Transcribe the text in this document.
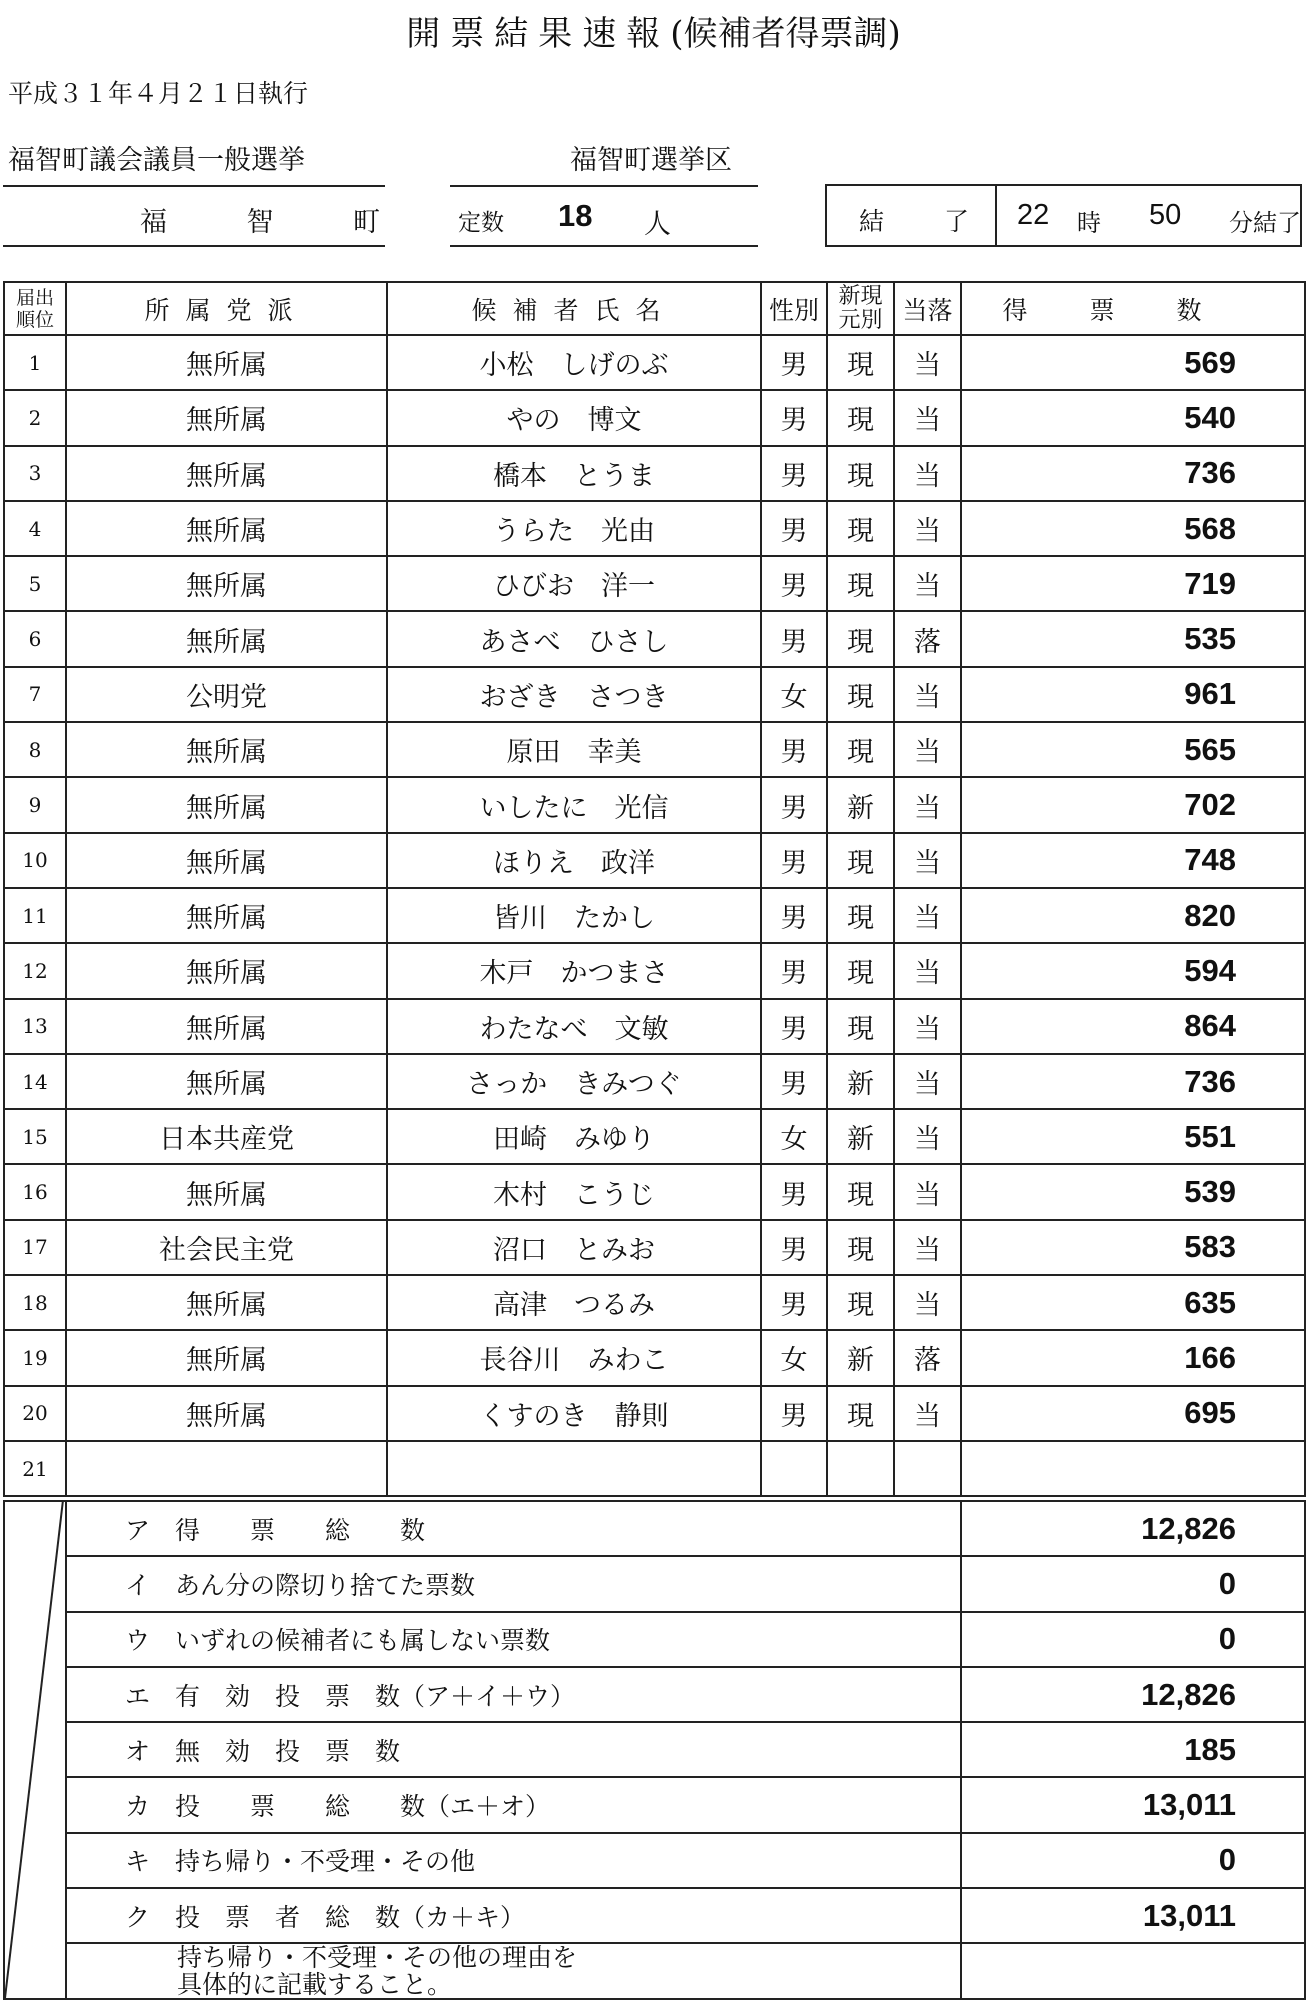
開票結果速報(候補者得票調)
平成３１年４月２１日執行
福智町議会議員一般選挙	福智町選挙区
福	智	町	定数 18 人	結 了 22 時 50 分結了
届出順位	所属党派	候補者氏名	性別	新現元別	当落	得票数
1	無所属	小松　しげのぶ	男	現	当	569
2	無所属	やの　博文	男	現	当	540
3	無所属	橋本　とうま	男	現	当	736
4	無所属	うらた　光由	男	現	当	568
5	無所属	ひびお　洋一	男	現	当	719
6	無所属	あさべ　ひさし	男	現	落	535
7	公明党	おざき　さつき	女	現	当	961
8	無所属	原田　幸美	男	現	当	565
9	無所属	いしたに　光信	男	新	当	702
10	無所属	ほりえ　政洋	男	現	当	748
11	無所属	皆川　たかし	男	現	当	820
12	無所属	木戸　かつまさ	男	現	当	594
13	無所属	わたなべ　文敏	男	現	当	864
14	無所属	さっか　きみつぐ	男	新	当	736
15	日本共産党	田崎　みゆり	女	新	当	551
16	無所属	木村　こうじ	男	現	当	539
17	社会民主党	沼口　とみお	男	現	当	583
18	無所属	高津　つるみ	男	現	当	635
19	無所属	長谷川　みわこ	女	新	落	166
20	無所属	くすのき　静則	男	現	当	695
21						
	ア　得　　票　　総　　数	12,826
	イ　あん分の際切り捨てた票数	0
	ウ　いずれの候補者にも属しない票数	0
	エ　有　効　投　票　数（ア＋イ＋ウ）	12,826
	オ　無　効　投　票　数	185
	カ　投　　票　　総　　数（エ＋オ）	13,011
	キ　持ち帰り・不受理・その他	0
	ク　投　票　者　総　数（カ＋キ）	13,011

	持ち帰り・不受理・その他の理由を
具体的に記載すること。	
